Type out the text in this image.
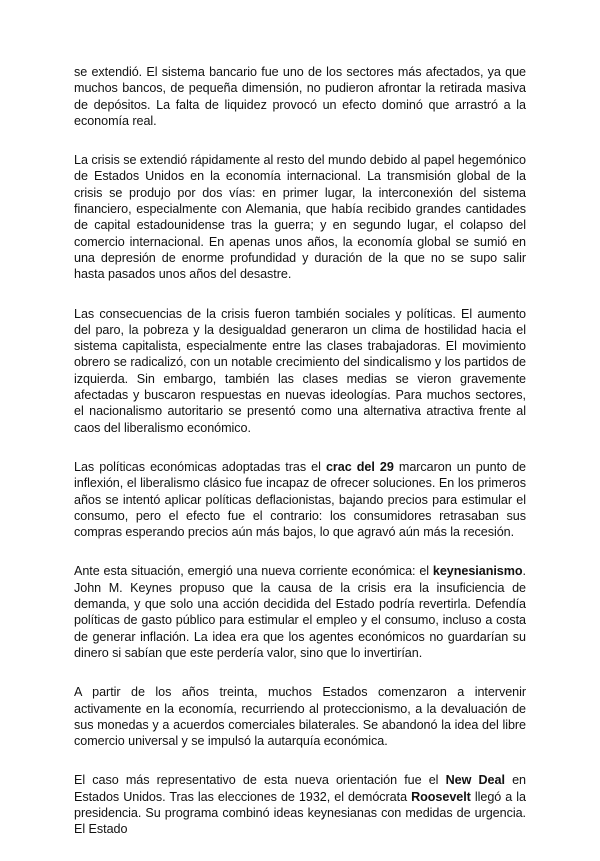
se extendió. El sistema bancario fue uno de los sectores más afectados, ya que muchos bancos, de pequeña dimensión, no pudieron afrontar la retirada masiva de depósitos. La falta de liquidez provocó un efecto dominó que arrastró a la economía real.

La crisis se extendió rápidamente al resto del mundo debido al papel hegemónico de Estados Unidos en la economía internacional. La transmisión global de la crisis se produjo por dos vías: en primer lugar, la interconexión del sistema financiero, especialmente con Alemania, que había recibido grandes cantidades de capital estadounidense tras la guerra; y en segundo lugar, el colapso del comercio internacional. En apenas unos años, la economía global se sumió en una depresión de enorme profundidad y duración de la que no se supo salir hasta pasados unos años del desastre.

Las consecuencias de la crisis fueron también sociales y políticas. El aumento del paro, la pobreza y la desigualdad generaron un clima de hostilidad hacia el sistema capitalista, especialmente entre las clases trabajadoras. El movimiento obrero se radicalizó, con un notable crecimiento del sindicalismo y los partidos de izquierda. Sin embargo, también las clases medias se vieron gravemente afectadas y buscaron respuestas en nuevas ideologías. Para muchos sectores, el nacionalismo autoritario se presentó como una alternativa atractiva frente al caos del liberalismo económico.

Las políticas económicas adoptadas tras el crac del 29 marcaron un punto de inflexión, el liberalismo clásico fue incapaz de ofrecer soluciones. En los primeros años se intentó aplicar políticas deflacionistas, bajando precios para estimular el consumo, pero el efecto fue el contrario: los consumidores retrasaban sus compras esperando precios aún más bajos, lo que agravó aún más la recesión.

Ante esta situación, emergió una nueva corriente económica: el keynesianismo. John M. Keynes propuso que la causa de la crisis era la insuficiencia de demanda, y que solo una acción decidida del Estado podría revertirla. Defendía políticas de gasto público para estimular el empleo y el consumo, incluso a costa de generar inflación. La idea era que los agentes económicos no guardarían su dinero si sabían que este perdería valor, sino que lo invertirían.

A partir de los años treinta, muchos Estados comenzaron a intervenir activamente en la economía, recurriendo al proteccionismo, a la devaluación de sus monedas y a acuerdos comerciales bilaterales. Se abandonó la idea del libre comercio universal y se impulsó la autarquía económica.

El caso más representativo de esta nueva orientación fue el New Deal en Estados Unidos. Tras las elecciones de 1932, el demócrata Roosevelt llegó a la presidencia. Su programa combinó ideas keynesianas con medidas de urgencia. El Estado
